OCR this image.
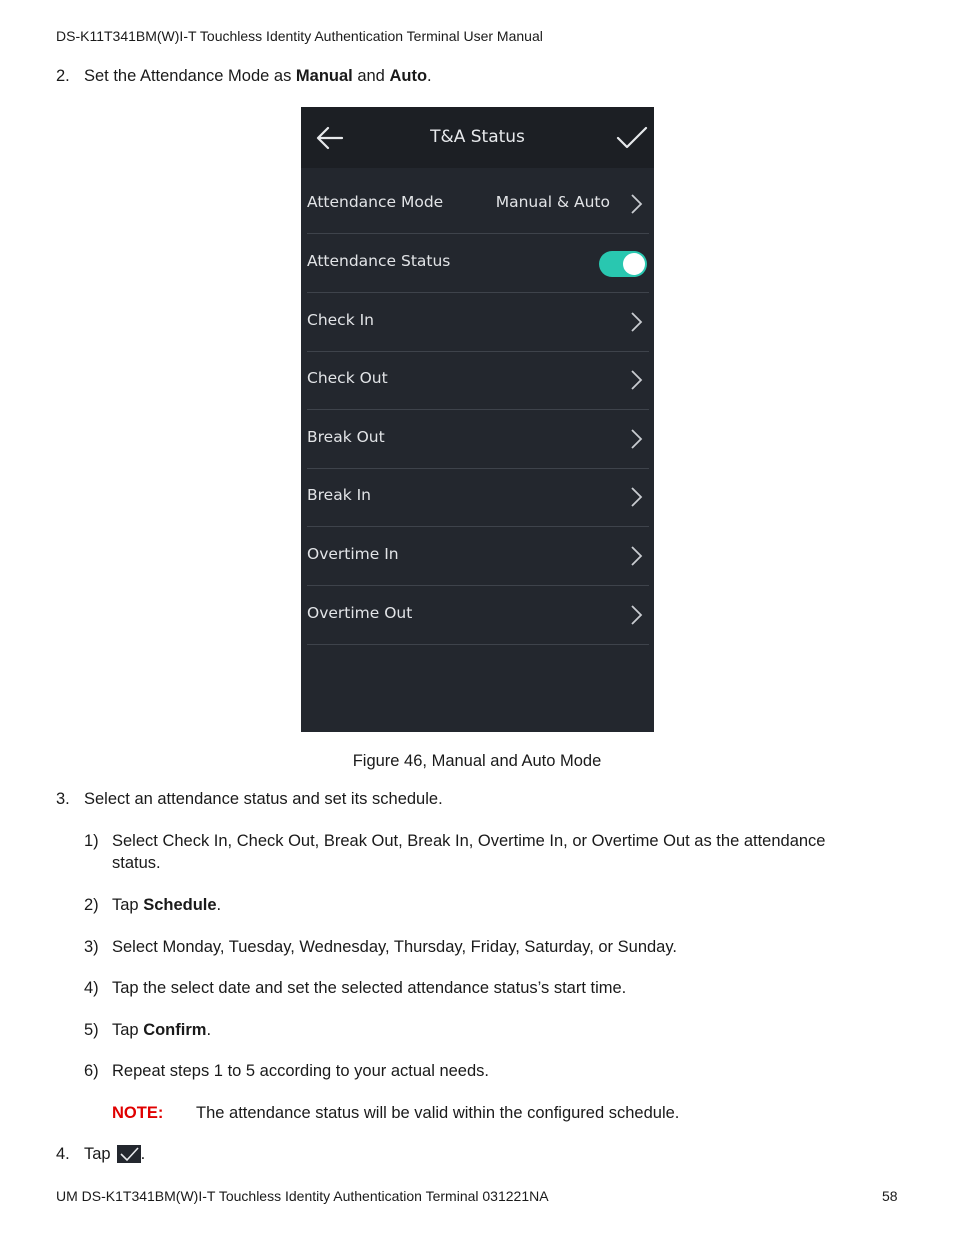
DS-K11T341BM(W)I-T Touchless Identity Authentication Terminal User Manual
2. Set the Attendance Mode as Manual and Auto.
T&A Status
Attendance Mode	Manual & Auto
Attendance Status
Check In
Check Out
Break Out
Break In
Overtime In
Overtime Out
Figure 46, Manual and Auto Mode
3. Select an attendance status and set its schedule.
1) Select Check In, Check Out, Break Out, Break In, Overtime In, or Overtime Out as the attendance
status.
2) Tap Schedule.
3) Select Monday, Tuesday, Wednesday, Thursday, Friday, Saturday, or Sunday.
4) Tap the select date and set the selected attendance status’s start time.
5) Tap Confirm.
6) Repeat steps 1 to 5 according to your actual needs.
NOTE: The attendance status will be valid within the configured schedule.
4. Tap .
UM DS-K1T341BM(W)I-T Touchless Identity Authentication Terminal 031221NA	58
